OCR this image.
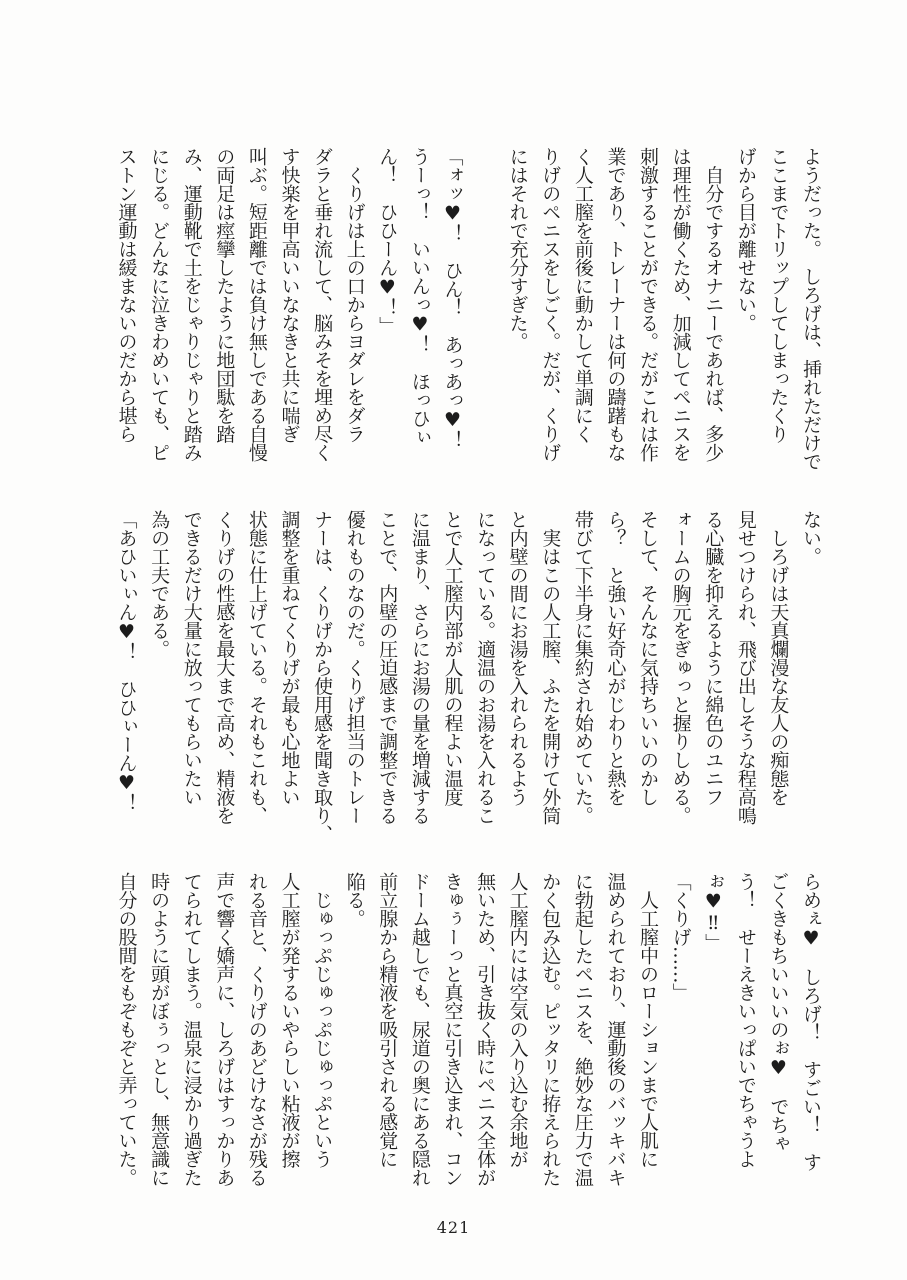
ようだった。　しろげは、挿れただけで
ここまでトリップしてしまったくり
げから目が離せない。
　自分でするオナニーであれば、多少
は理性が働くため、加減してペニスを
刺激することができる。だがこれは作
業であり、トレーナーは何の躊躇もな
く人工膣を前後に動かして単調にく
りげのペニスをしごく。だが、くりげ
にはそれで充分すぎた。

「ォッ♥！　ひん！　あっあっ♥！
うーっ！　いいんっ♥！　ほっひぃ
ん！　ひひーん♥！」
　くりげは上の口からヨダレをダラ
ダラと垂れ流して、脳みそを埋め尽く
す快楽を甲高いいななきと共に喘ぎ
叫ぶ。短距離では負け無しである自慢
の両足は痙攣したように地団駄を踏
み、運動靴で土をじゃりじゃりと踏み
にじる。どんなに泣きわめいても、ピ
ストン運動は緩まないのだから堪ら
ない。
　しろげは天真爛漫な友人の痴態を
見せつけられ、飛び出しそうな程高鳴
る心臓を抑えるように綿色のユニフ
ォームの胸元をぎゅっと握りしめる。
そして、そんなに気持ちいいのかし
ら？　と強い好奇心がじわりと熱を
帯びて下半身に集約され始めていた。
　実はこの人工膣、ふたを開けて外筒
と内壁の間にお湯を入れられるよう
になっている。適温のお湯を入れるこ
とで人工膣内部が人肌の程よい温度
に温まり、さらにお湯の量を増減する
ことで、内壁の圧迫感まで調整できる
優れものなのだ。くりげ担当のトレー
ナーは、くりげから使用感を聞き取り、
調整を重ねてくりげが最も心地よい
状態に仕上げている。それもこれも、
くりげの性感を最大まで高め、精液を
できるだけ大量に放ってもらいたい
為の工夫である。
「あひいぃん♥！　ひひぃーん♥！
らめぇ♥　しろげ！　すごい！　す
ごくきもちいいいのぉ♥　でちゃ
う！　せーえきいっぱいでちゃうよ
ぉ♥‼」
「くりげ……」
　人工膣中のローションまで人肌に
温められており、運動後のバッキバキ
に勃起したペニスを、絶妙な圧力で温
かく包み込む。ピッタリに拵えられた
人工膣内には空気の入り込む余地が
無いため、引き抜く時にペニス全体が
きゅぅーっと真空に引き込まれ、コン
ドーム越しでも、尿道の奥にある隠れ
前立腺から精液を吸引される感覚に
陥る。
　じゅっぷじゅっぷじゅっぷという
人工膣が発するいやらしい粘液が擦
れる音と、くりげのあどけなさが残る
声で響く嬌声に、しろげはすっかりあ
てられてしまう。温泉に浸かり過ぎた
時のように頭がぼぅっとし、無意識に
自分の股間をもぞもぞと弄っていた。
421
